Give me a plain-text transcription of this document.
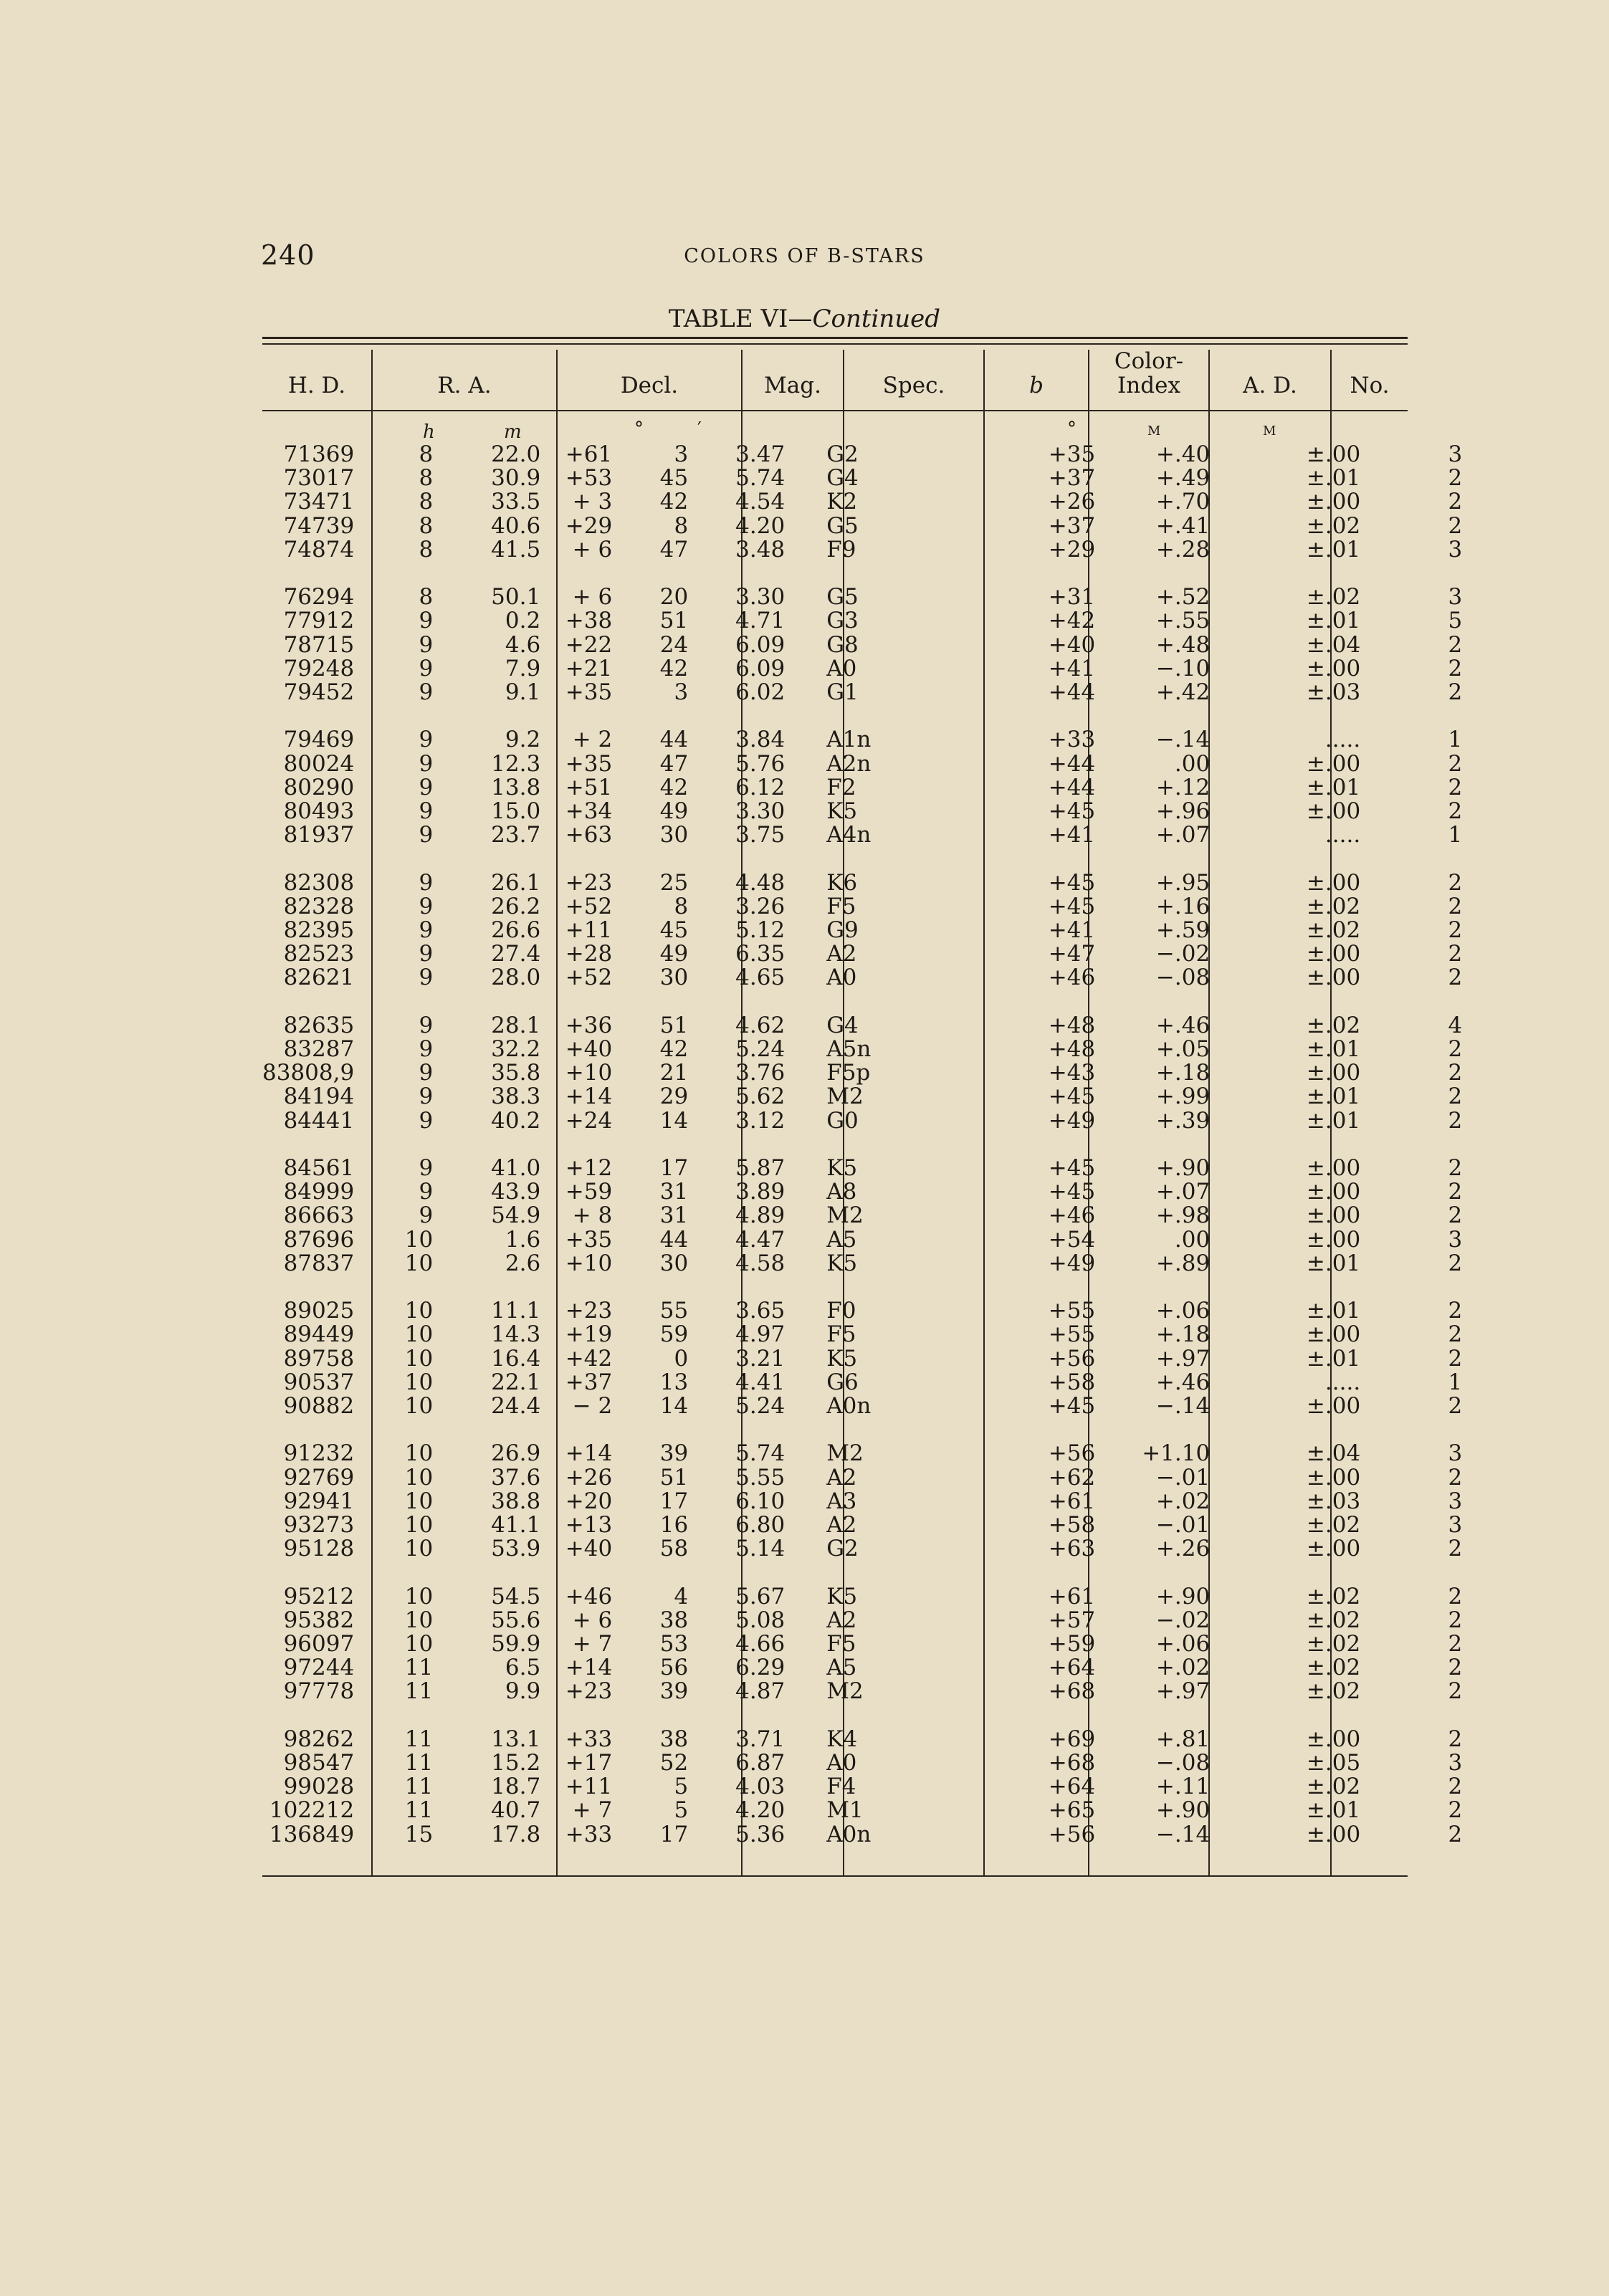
240	COLORS OF B-STARS
TABLE VI—Continued
H. D.	R. A.	Decl.	Mag.	Spec.	b
Color-
Index	A. D.	No.
h	m	°	′	°	M	M
71369	8	22.0	+61	3	3.47	G2	+35	+.40	±.00	3
73017	8	30.9	+53	45	5.74	G4	+37	+.49	±.01	2
73471	8	33.5	+ 3	42	4.54	K2	+26	+.70	±.00	2
74739	8	40.6	+29	8	4.20	G5	+37	+.41	±.02	2
74874	8	41.5	+ 6	47	3.48	F9	+29	+.28	±.01	3

76294	8	50.1	+ 6	20	3.30	G5	+31	+.52	±.02	3
77912	9	0.2	+38	51	4.71	G3	+42	+.55	±.01	5
78715	9	4.6	+22	24	6.09	G8	+40	+.48	±.04	2
79248	9	7.9	+21	42	6.09	A0	+41	−.10	±.00	2
79452	9	9.1	+35	3	6.02	G1	+44	+.42	±.03	2

79469	9	9.2	+ 2	44	3.84	A1n	+33	−.14	.....	1
80024	9	12.3	+35	47	5.76	A2n	+44	.00	±.00	2
80290	9	13.8	+51	42	6.12	F2	+44	+.12	±.01	2
80493	9	15.0	+34	49	3.30	K5	+45	+.96	±.00	2
81937	9	23.7	+63	30	3.75	A4n	+41	+.07	.....	1

82308	9	26.1	+23	25	4.48	K6	+45	+.95	±.00	2
82328	9	26.2	+52	8	3.26	F5	+45	+.16	±.02	2
82395	9	26.6	+11	45	5.12	G9	+41	+.59	±.02	2
82523	9	27.4	+28	49	6.35	A2	+47	−.02	±.00	2
82621	9	28.0	+52	30	4.65	A0	+46	−.08	±.00	2

82635	9	28.1	+36	51	4.62	G4	+48	+.46	±.02	4
83287	9	32.2	+40	42	5.24	A5n	+48	+.05	±.01	2
83808,9	9	35.8	+10	21	3.76	F5p	+43	+.18	±.00	2
84194	9	38.3	+14	29	5.62	M2	+45	+.99	±.01	2
84441	9	40.2	+24	14	3.12	G0	+49	+.39	±.01	2

84561	9	41.0	+12	17	5.87	K5	+45	+.90	±.00	2
84999	9	43.9	+59	31	3.89	A8	+45	+.07	±.00	2
86663	9	54.9	+ 8	31	4.89	M2	+46	+.98	±.00	2
87696	10	1.6	+35	44	4.47	A5	+54	.00	±.00	3
87837	10	2.6	+10	30	4.58	K5	+49	+.89	±.01	2

89025	10	11.1	+23	55	3.65	F0	+55	+.06	±.01	2
89449	10	14.3	+19	59	4.97	F5	+55	+.18	±.00	2
89758	10	16.4	+42	0	3.21	K5	+56	+.97	±.01	2
90537	10	22.1	+37	13	4.41	G6	+58	+.46	.....	1
90882	10	24.4	− 2	14	5.24	A0n	+45	−.14	±.00	2

91232	10	26.9	+14	39	5.74	M2	+56	+1.10	±.04	3
92769	10	37.6	+26	51	5.55	A2	+62	−.01	±.00	2
92941	10	38.8	+20	17	6.10	A3	+61	+.02	±.03	3
93273	10	41.1	+13	16	6.80	A2	+58	−.01	±.02	3
95128	10	53.9	+40	58	5.14	G2	+63	+.26	±.00	2

95212	10	54.5	+46	4	5.67	K5	+61	+.90	±.02	2
95382	10	55.6	+ 6	38	5.08	A2	+57	−.02	±.02	2
96097	10	59.9	+ 7	53	4.66	F5	+59	+.06	±.02	2
97244	11	6.5	+14	56	6.29	A5	+64	+.02	±.02	2
97778	11	9.9	+23	39	4.87	M2	+68	+.97	±.02	2

98262	11	13.1	+33	38	3.71	K4	+69	+.81	±.00	2
98547	11	15.2	+17	52	6.87	A0	+68	−.08	±.05	3
99028	11	18.7	+11	5	4.03	F4	+64	+.11	±.02	2
102212	11	40.7	+ 7	5	4.20	M1	+65	+.90	±.01	2
136849	15	17.8	+33	17	5.36	A0n	+56	−.14	±.00	2
